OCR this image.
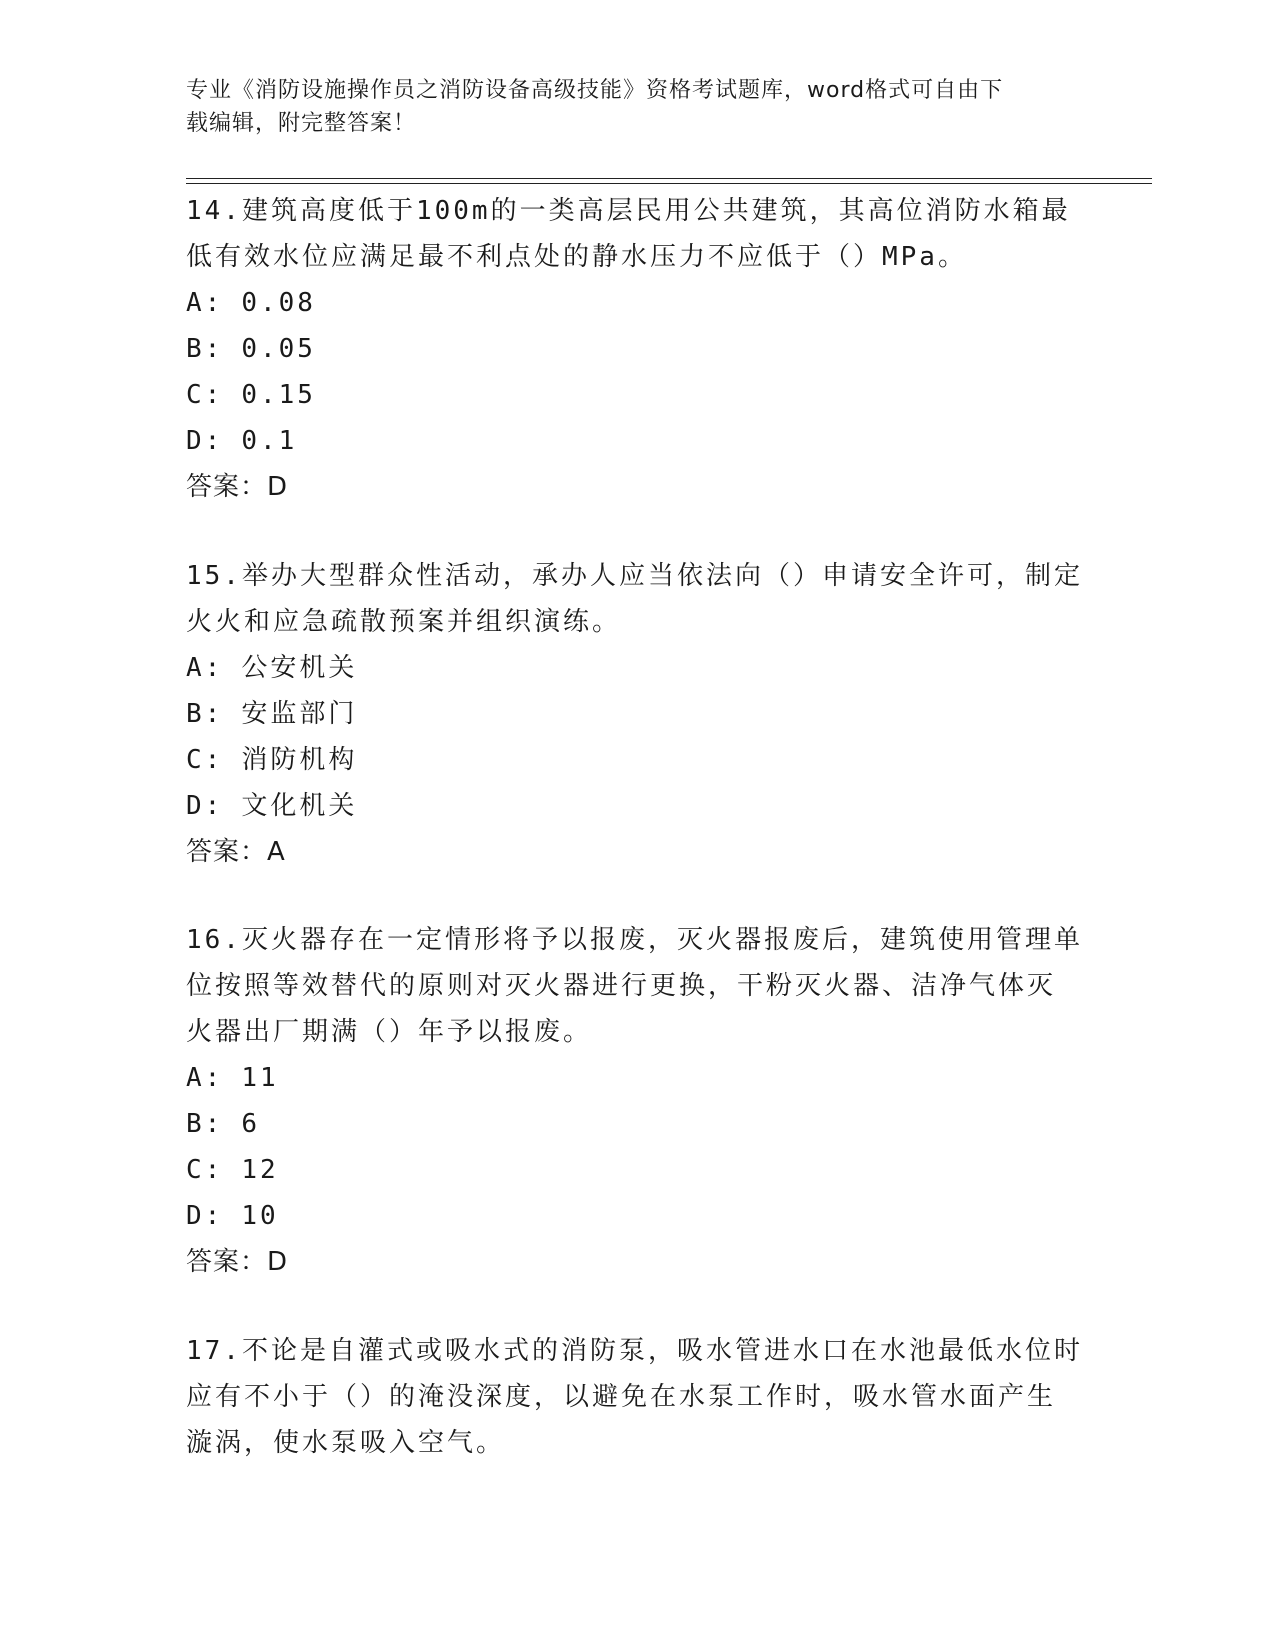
专业《消防设施操作员之消防设备高级技能》资格考试题库，word格式可自由下
载编辑，附完整答案！

14.建筑高度低于100m的一类高层民用公共建筑，其高位消防水箱最

低有效水位应满足最不利点处的静水压力不应低于（）MPa。

A: 0.08

B: 0.05

C: 0.15

D: 0.1

答案：D

15.举办大型群众性活动，承办人应当依法向（）申请安全许可，制定

火火和应急疏散预案并组织演练。

A: 公安机关

B: 安监部门

C: 消防机构

D: 文化机关

答案：A

16.灭火器存在一定情形将予以报废，灭火器报废后，建筑使用管理单

位按照等效替代的原则对灭火器进行更换，干粉灭火器、洁净气体灭

火器出厂期满（）年予以报废。

A: 11

B: 6

C: 12

D: 10

答案：D

17.不论是自灌式或吸水式的消防泵，吸水管进水口在水池最低水位时

应有不小于（）的淹没深度，以避免在水泵工作时，吸水管水面产生

漩涡，使水泵吸入空气。
